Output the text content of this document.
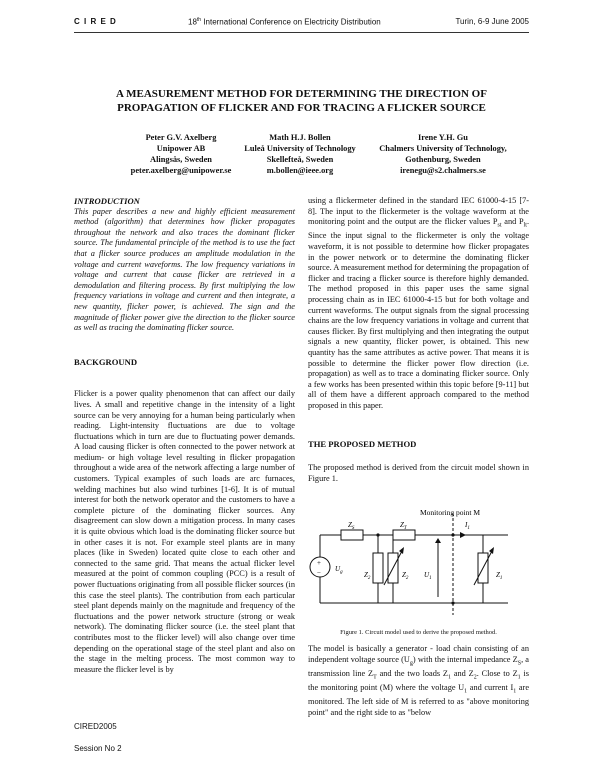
C I R E D	18th International Conference on Electricity Distribution	Turin, 6-9 June 2005
A MEASUREMENT METHOD FOR DETERMINING THE DIRECTION OF
PROPAGATION OF FLICKER AND FOR TRACING A FLICKER SOURCE
Peter G.V. Axelberg
Unipower AB
Alingsås, Sweden
peter.axelberg@unipower.se
Math H.J. Bollen
Luleå University of Technology
Skellefteå, Sweden
m.bollen@ieee.org
Irene Y.H. Gu
Chalmers University of Technology,
Gothenburg, Sweden
irenegu@s2.chalmers.se

INTRODUCTION

This paper describes a new and highly efficient measurement method (algorithm) that determines how flicker propagates throughout the network and also traces the dominant flicker source. The fundamental principle of the method is to use the fact that a flicker source produces an amplitude modulation in the voltage and current waveforms. The low frequency variations in voltage and current that cause flicker are retrieved in a demodulation and filtering process. By first multiplying the low frequency variations in voltage and current and then integrate, a new quantity, flicker power, is achieved. The sign and the magnitude of flicker power give the direction to the flicker source as well as tracing the dominating flicker source.

BACKGROUND

Flicker is a power quality phenomenon that can affect our daily lives. A small and repetitive change in the intensity of a light source can be very annoying for a human being particularly when reading. Light-intensity fluctuations are due to voltage fluctuations which in turn are due to fluctuating power demands. A load causing flicker is often connected to the power network at medium- or high voltage level resulting in flicker propagation throughout a wide area of the network affecting a large number of customers. Typical examples of such loads are arc furnaces, welding machines but also wind turbines [1-6]. It is of mutual interest for both the network operator and the customers to have a complete picture of the dominating flicker sources. Any disagreement can slow down a mitigation process. In many cases it is quite obvious which load is the dominating flicker source but in other cases it is not. For example steel plants are in many places (like in Sweden) located quite close to each other and connected to the same grid. That means the actual flicker level measured at the point of common coupling (PCC) is a result of power fluctuations originating from all possible flicker sources (in this case the steel plants). The contribution from each particular steel plant depends mainly on the magnitude and frequency of the fluctuations and the power network structure (strong or weak network). The dominating flicker source (i.e. the steel plant that contributes most to the flicker level) will also change over time depending on the operational stage of the steel plant and also on the stage in the melting process. The most common way to measure the flicker level is by

using a flickermeter defined in the standard IEC 61000-4-15 [7-8]. The input to the flickermeter is the voltage waveform at the monitoring point and the output are the flicker values $P_{st}$ and $P_{lt}$. Since the input signal to the flickermeter is only the voltage waveform, it is not possible to determine how flicker propagates in the power network or to determine the dominating flicker source. A measurement method for determining the propagation of flicker and tracing a flicker source is therefore highly demanded. The method proposed in this paper uses the same signal processing chain as in IEC 61000-4-15 but for both voltage and current waveforms. The output signals from the signal processing chains are the low frequency variations in voltage and current that causes flicker. By first multiplying and then integrating the output signals a new quantity, flicker power, is obtained. This new quantity has the same attributes as active power. That means it is possible to determine the flicker power flow direction (i.e. propagation) as well as to trace a dominating flicker source. Only a few works has been presented within this topic before [9-11] but all of them have a different approach compared to the method proposed in this paper.

THE PROPOSED METHOD

The proposed method is derived from the circuit model shown in Figure 1.

Monitoring point M
$Z_S$	$Z_T$	$I_1$
+
− $U_g$	$Z_2$	$Z_2$ $U_1$	$Z_1$
Figure 1. Circuit model used to derive the proposed method.

The model is basically a generator - load chain consisting of an independent voltage source $(U_g)$ with the internal impedance $Z_S$, a transmission line $Z_T$ and the two loads $Z_1$ and $Z_2$. Close to $Z_1$ is the monitoring point (M) where the voltage $U_1$ and current $I_1$ are monitored. The left side of M is referred to as "above monitoring point" and the right side to as "below

CIRED2005
Session No 2
